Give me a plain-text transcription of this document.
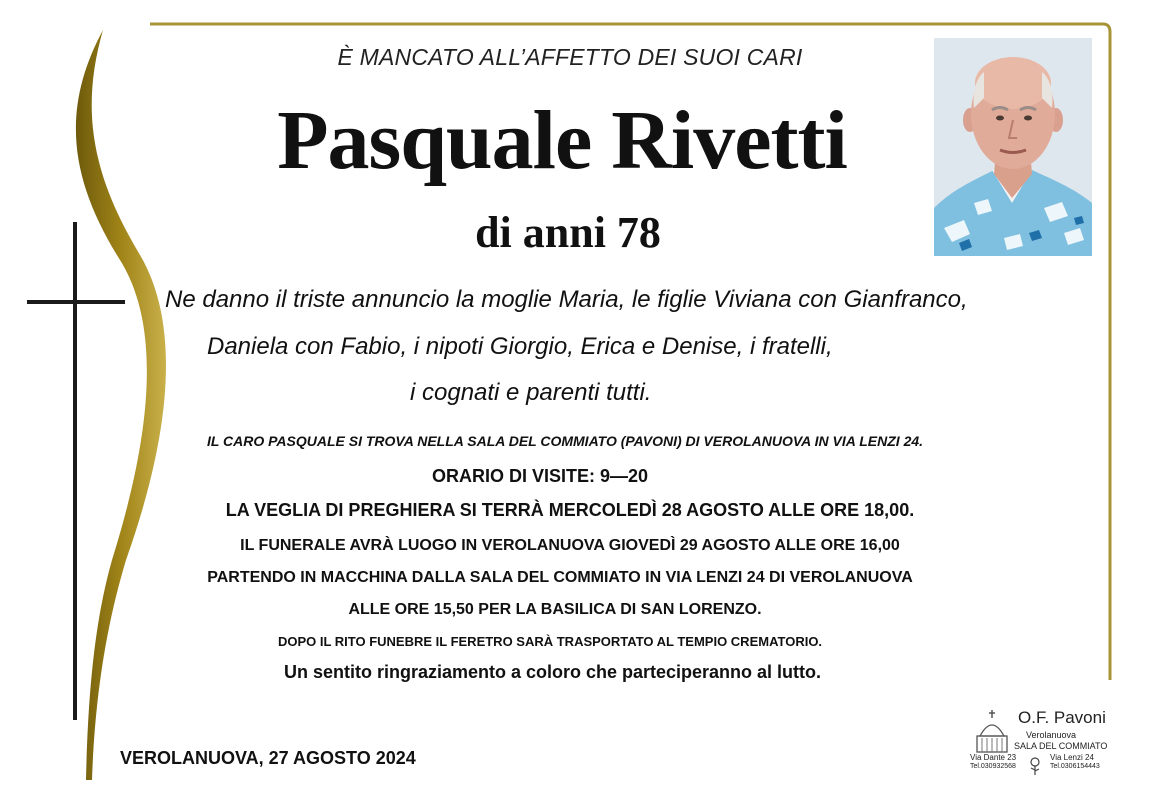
È MANCATO ALL’AFFETTO DEI SUOI CARI
Pasquale Rivetti
di anni 78
Ne danno il triste annuncio la moglie Maria, le figlie Viviana con Gianfranco,
Daniela con Fabio, i nipoti Giorgio, Erica e Denise, i fratelli,
i cognati e parenti tutti.
IL CARO PASQUALE SI TROVA NELLA SALA DEL COMMIATO (PAVONI) DI VEROLANUOVA IN VIA LENZI 24.
ORARIO DI VISITE: 9—20
LA VEGLIA DI PREGHIERA SI TERRÀ MERCOLEDÌ 28 AGOSTO ALLE ORE 18,00.
IL FUNERALE AVRÀ LUOGO IN VEROLANUOVA GIOVEDÌ 29 AGOSTO ALLE ORE 16,00
PARTENDO IN MACCHINA DALLA SALA DEL COMMIATO IN VIA LENZI 24 DI VEROLANUOVA
ALLE ORE 15,50 PER LA BASILICA DI SAN LORENZO.
DOPO IL RITO FUNEBRE IL FERETRO SARÀ TRASPORTATO AL TEMPIO CREMATORIO.
Un sentito ringraziamento a coloro che parteciperanno al lutto.
VEROLANUOVA, 27 AGOSTO 2024
O.F. Pavoni
Verolanuova
SALA DEL COMMIATO
Via Dante 23
Tel.030932568
Via Lenzi 24
Tel.0306154443
